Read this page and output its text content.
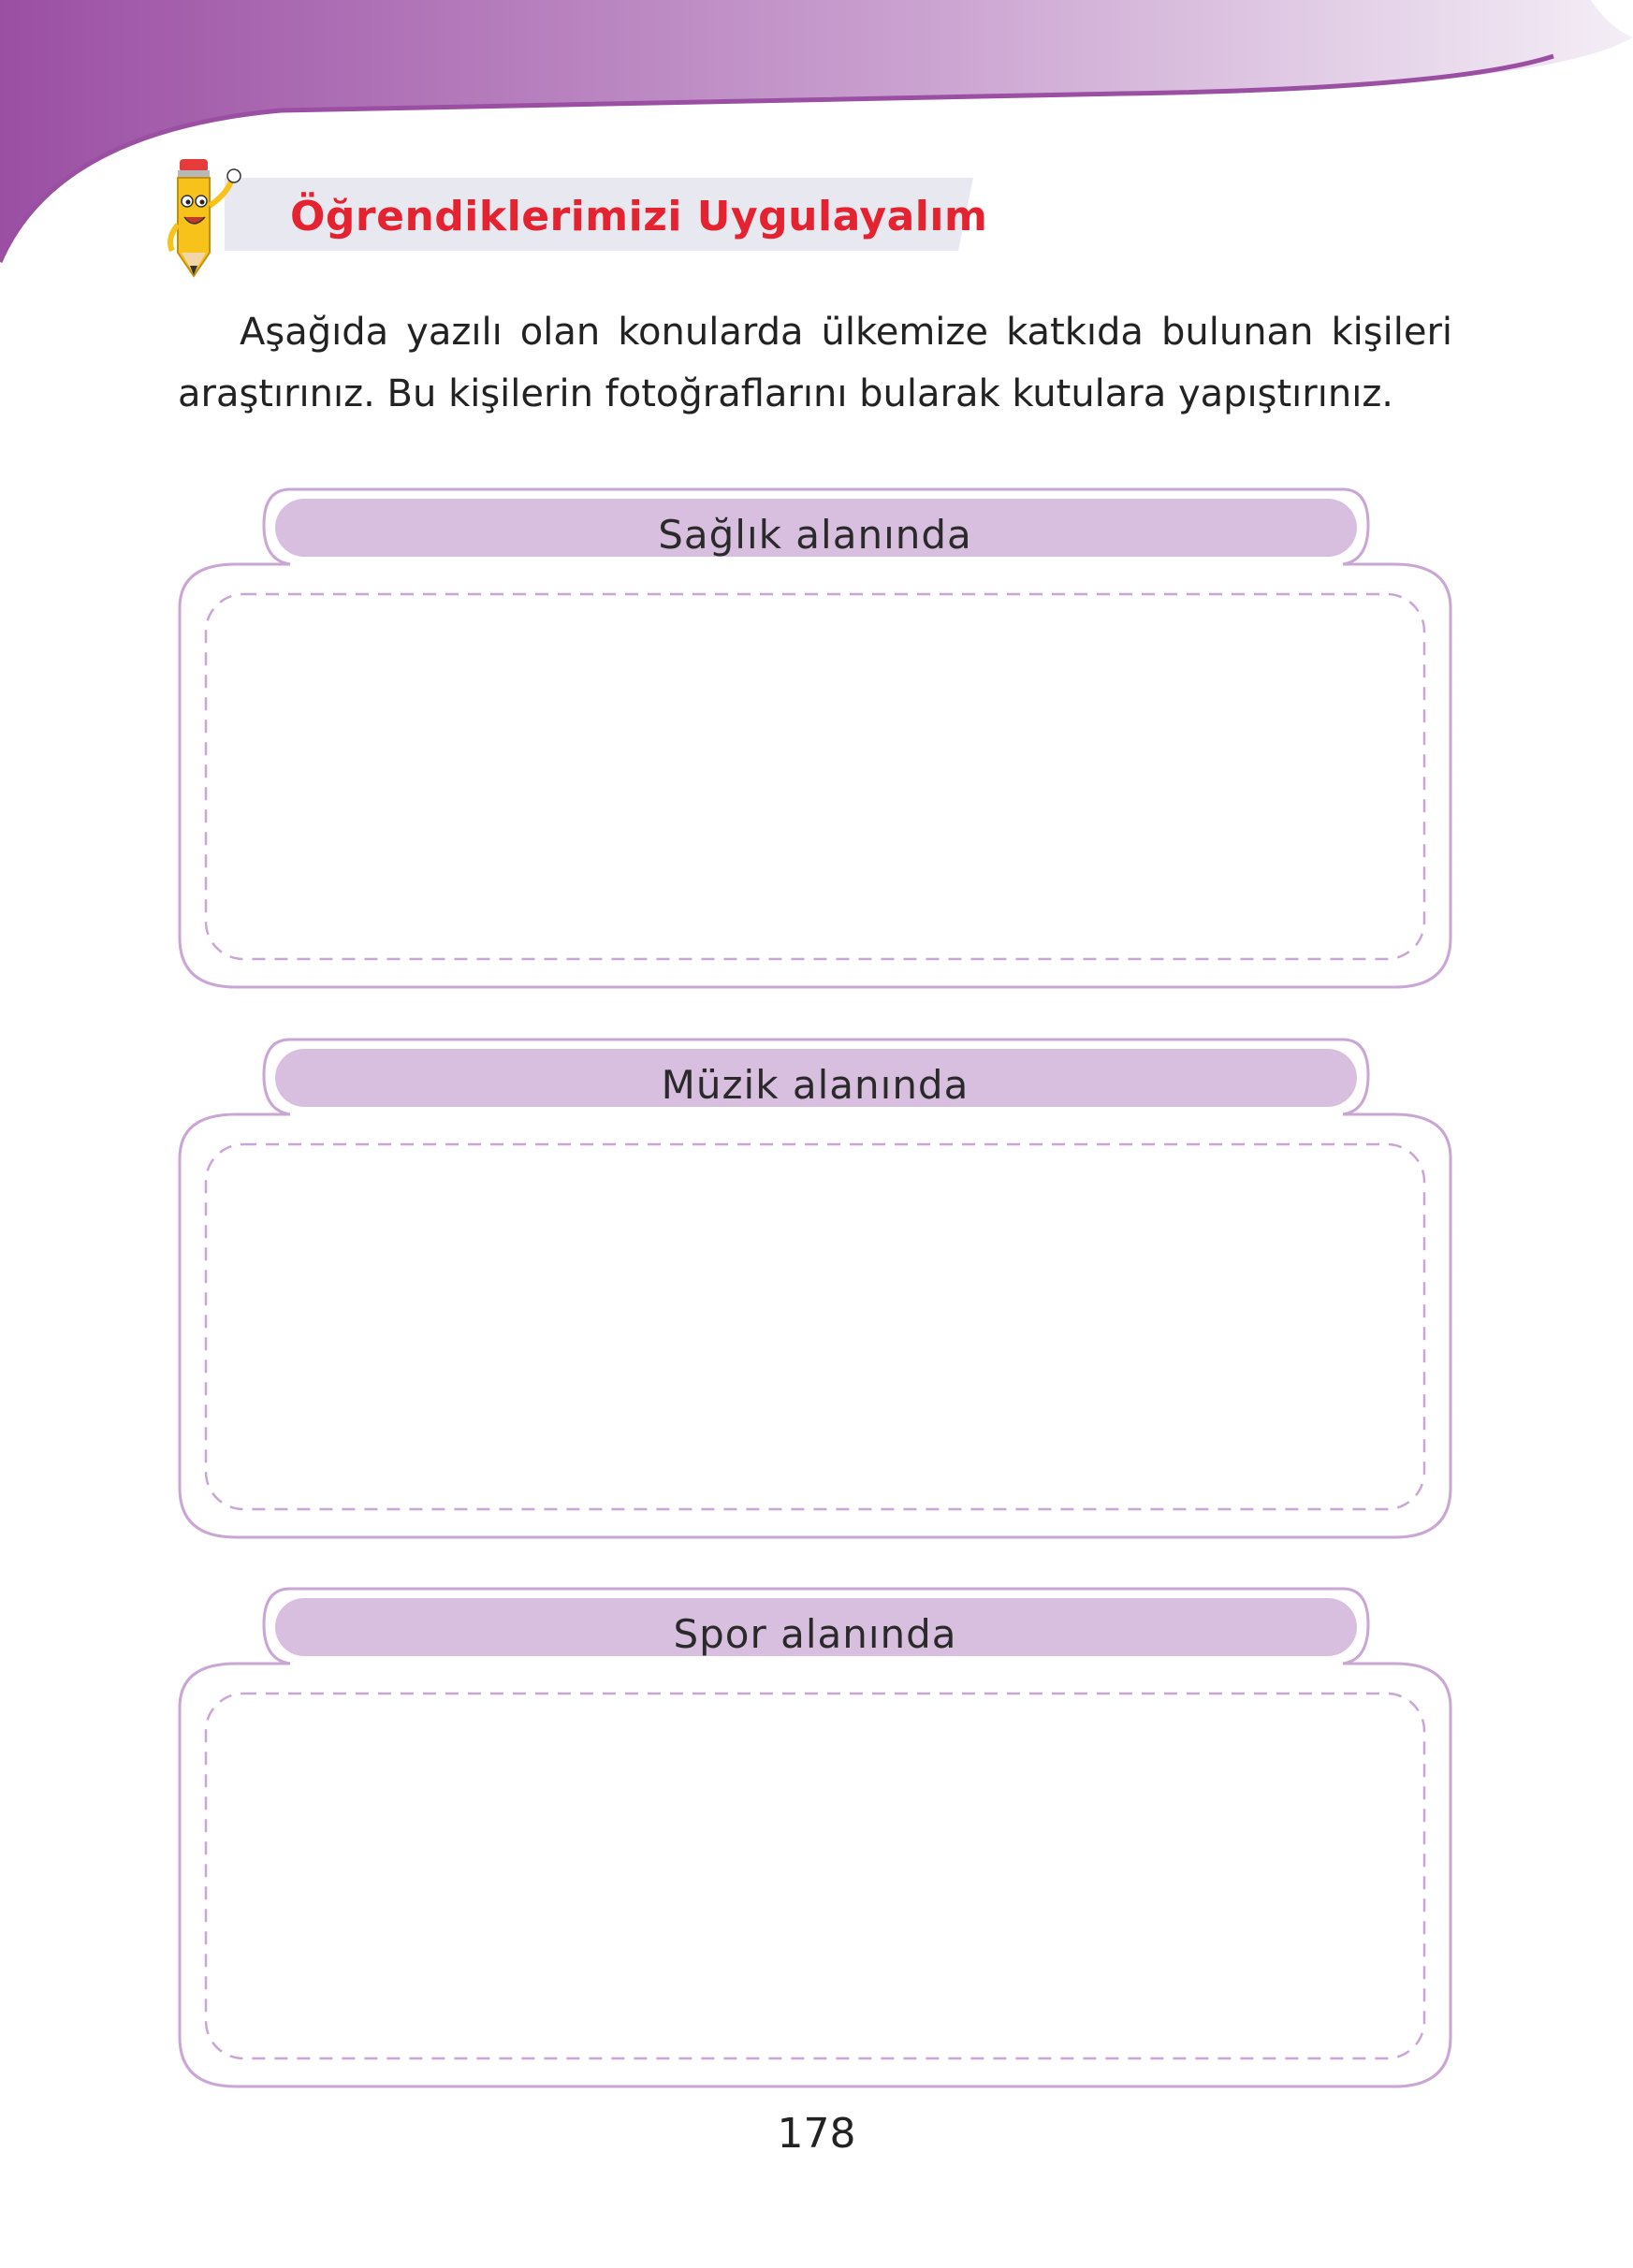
Öğrendiklerimizi Uygulayalım
Aşağıda yazılı olan konularda ülkemize katkıda bulunan kişileri
araştırınız. Bu kişilerin fotoğraflarını bularak kutulara yapıştırınız.
Sağlık alanında
Müzik alanında
Spor alanında
178
